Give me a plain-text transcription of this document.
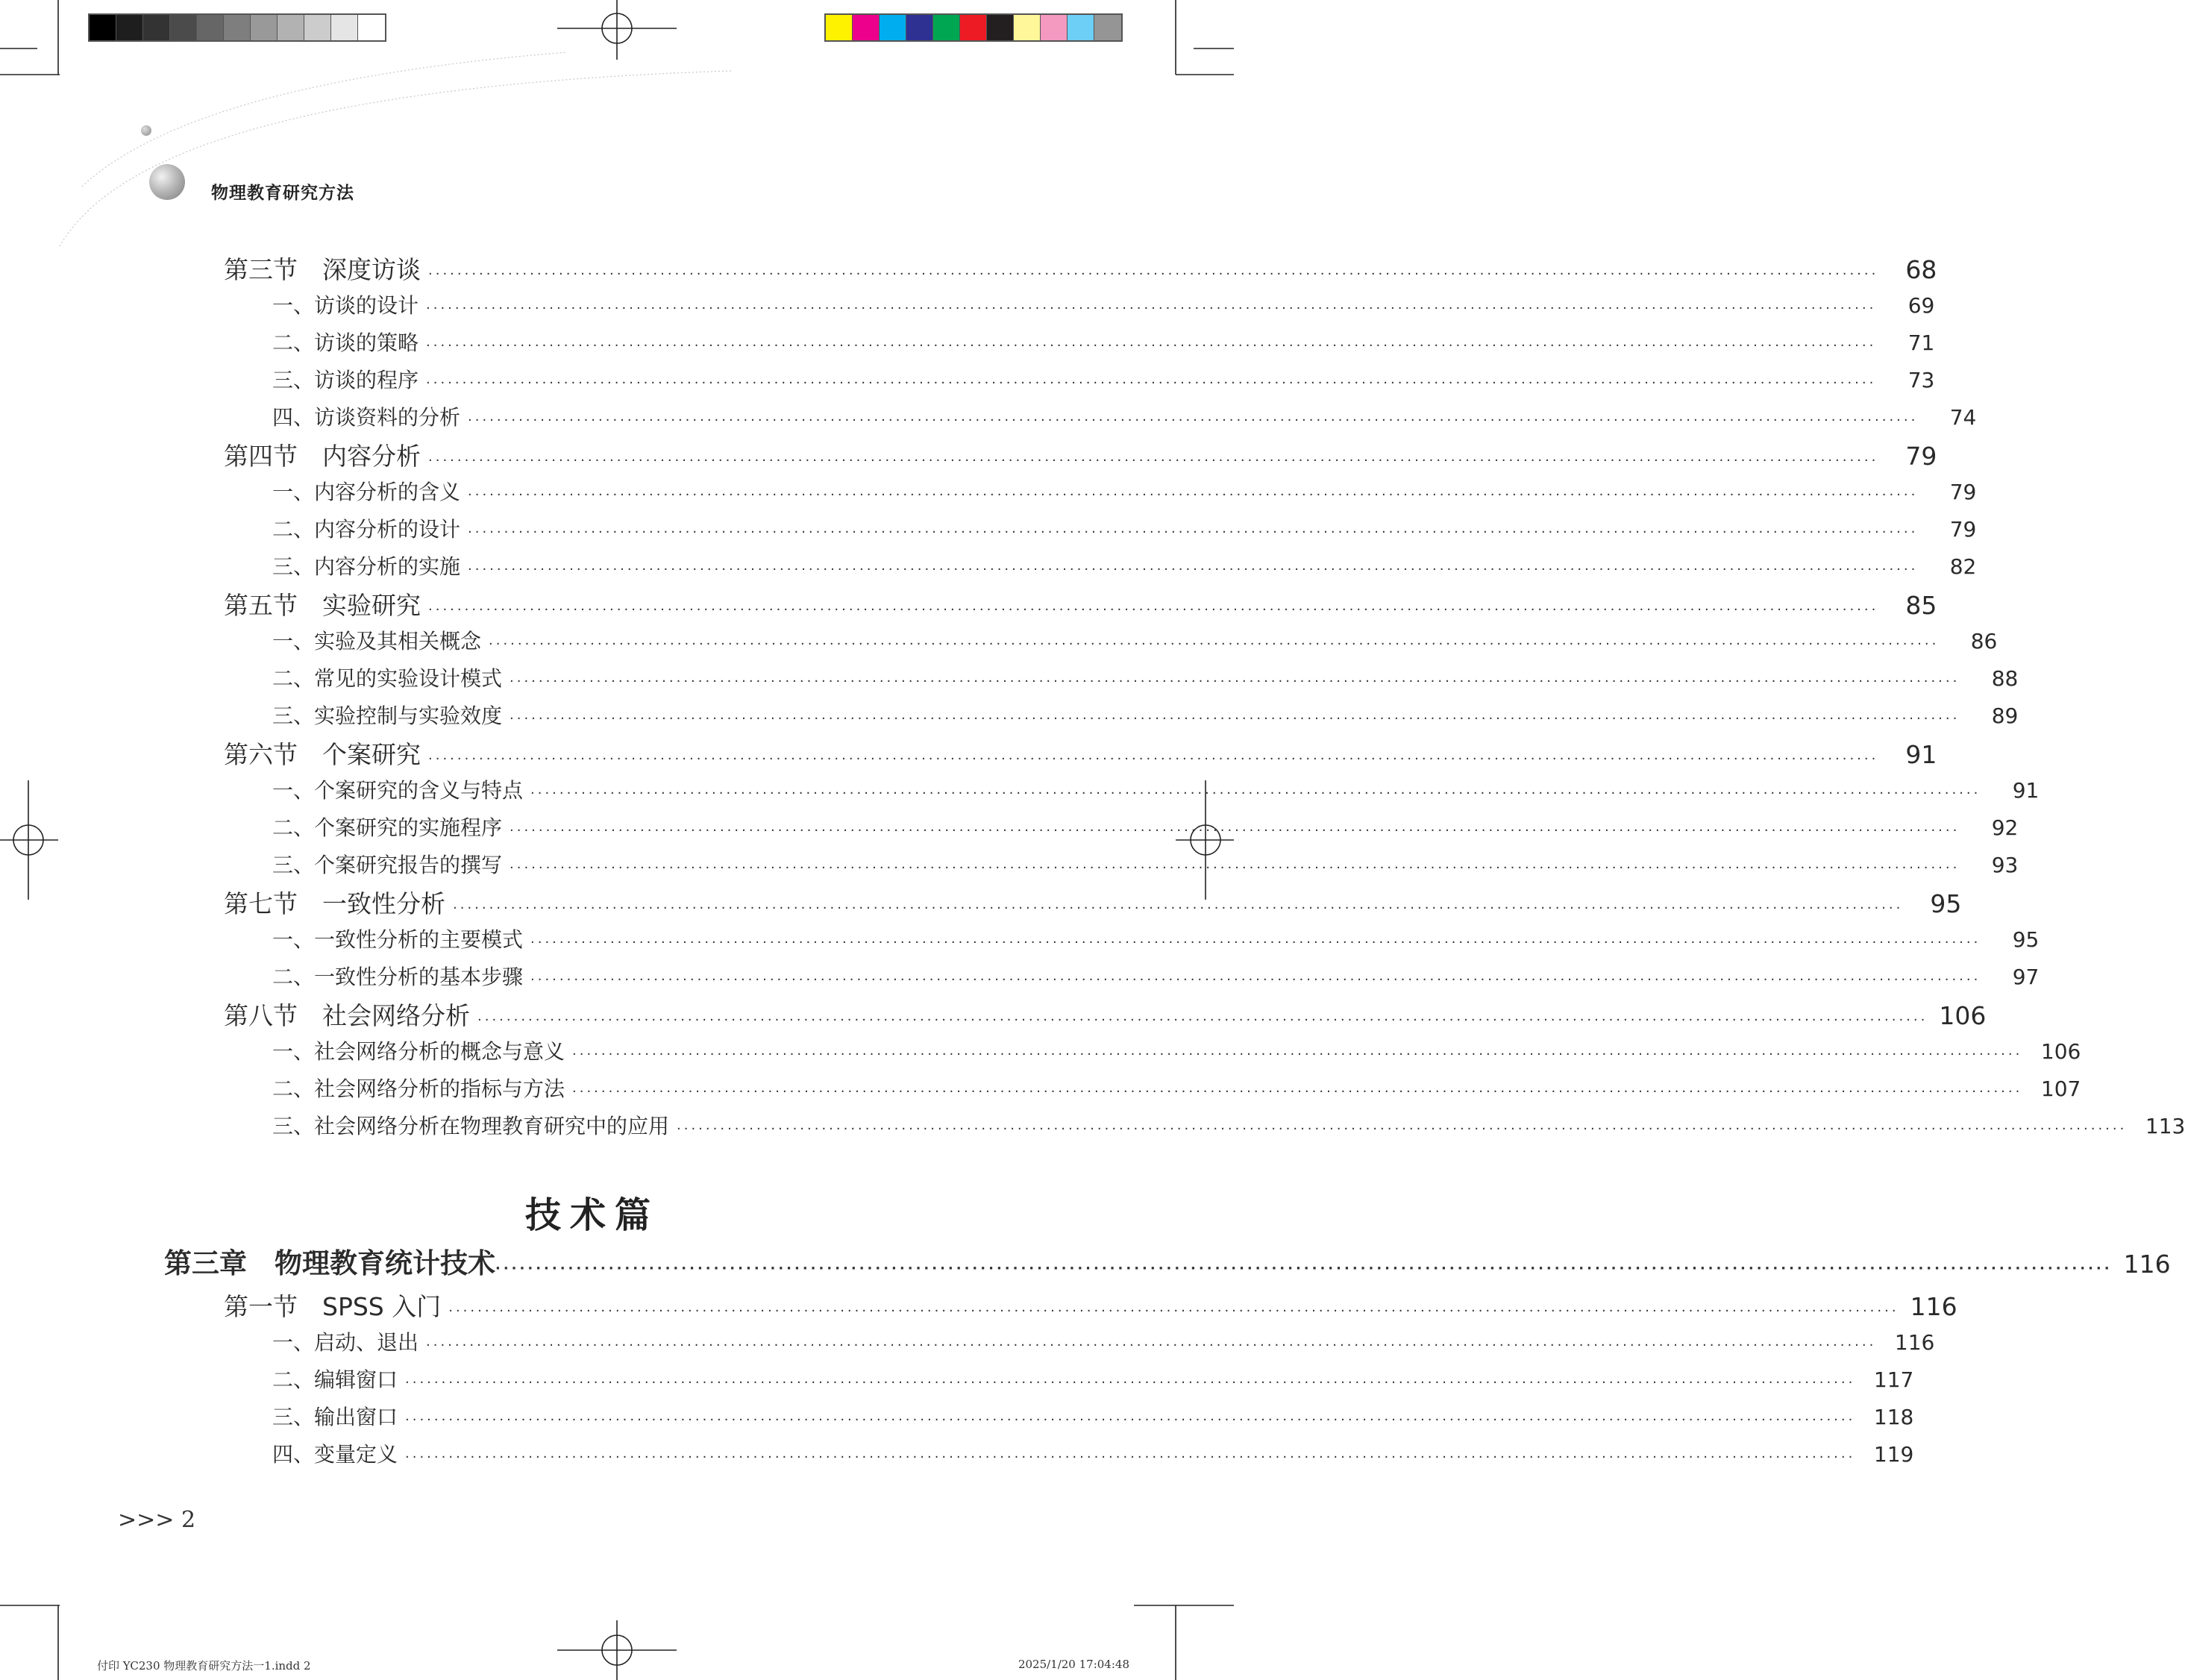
物理教育研究方法
第三节　深度访谈 ········································································································································································································	68
一、访谈的设计 ········································································································································································································	69
二、访谈的策略 ········································································································································································································	71
三、访谈的程序 ········································································································································································································	73
四、访谈资料的分析 ········································································································································································································	74
第四节　内容分析 ········································································································································································································	79
一、内容分析的含义 ········································································································································································································	79
二、内容分析的设计 ········································································································································································································	79
三、内容分析的实施 ········································································································································································································	82
第五节　实验研究 ········································································································································································································	85
一、实验及其相关概念 ········································································································································································································	86
二、常见的实验设计模式 ········································································································································································································	88
三、实验控制与实验效度 ········································································································································································································	89
第六节　个案研究 ········································································································································································································	91
一、个案研究的含义与特点 ········································································································································································································	91
二、个案研究的实施程序 ········································································································································································································	92
三、个案研究报告的撰写 ········································································································································································································	93
第七节　一致性分析 ········································································································································································································	95
一、一致性分析的主要模式 ········································································································································································································	95
二、一致性分析的基本步骤 ········································································································································································································	97
第八节　社会网络分析 ········································································································································································································ 106
一、社会网络分析的概念与意义 ········································································································································································································ 106
二、社会网络分析的指标与方法 ········································································································································································································ 107
三、社会网络分析在物理教育研究中的应用 ········································································································································································································ 113
技术篇
第三章　物理教育统计技术 ········································································································································································································ 116
第一节　SPSS 入门 ········································································································································································································ 116
一、启动、退出 ········································································································································································································ 116
二、编辑窗口 ········································································································································································································ 117
三、输出窗口 ········································································································································································································ 118
四、变量定义 ········································································································································································································ 119
>>> 2
付印 YC230 物理教育研究方法一1.indd 2	2025/1/20 17:04:48
